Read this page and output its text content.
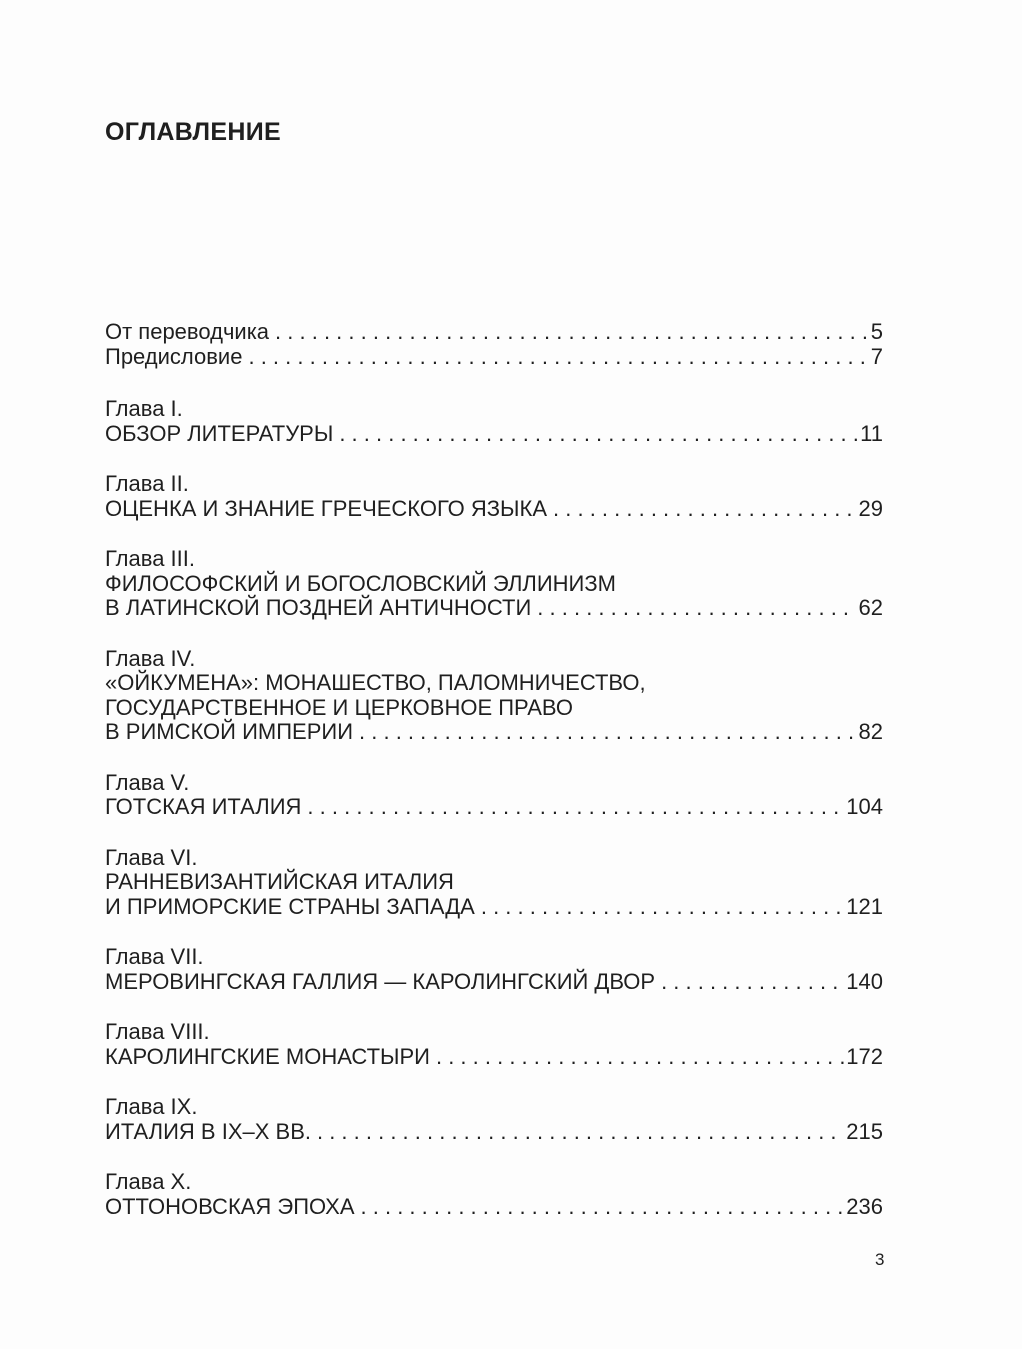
ОГЛАВЛЕНИЕ
От переводчика . . .	5
Предисловие . . .	7
Глава I.
ОБЗОР ЛИТЕРАТУРЫ . . .	11
Глава II.
ОЦЕНКА И ЗНАНИЕ ГРЕЧЕСКОГО ЯЗЫКА . . .	29
Глава III.
ФИЛОСОФСКИЙ И БОГОСЛОВСКИЙ ЭЛЛИНИЗМ
В ЛАТИНСКОЙ ПОЗДНЕЙ АНТИЧНОСТИ . . .	62
Глава IV.
«ОЙКУМЕНА»: МОНАШЕСТВО, ПАЛОМНИЧЕСТВО,
ГОСУДАРСТВЕННОЕ И ЦЕРКОВНОЕ ПРАВО
В РИМСКОЙ ИМПЕРИИ . . .	82
Глава V.
ГОТСКАЯ ИТАЛИЯ . . .	104
Глава VI.
РАННЕВИЗАНТИЙСКАЯ ИТАЛИЯ
И ПРИМОРСКИЕ СТРАНЫ ЗАПАДА . . .	121
Глава VII.
МЕРОВИНГСКАЯ ГАЛЛИЯ — КАРОЛИНГСКИЙ ДВОР . . .	140
Глава VIII.
КАРОЛИНГСКИЕ МОНАСТЫРИ . . .	172
Глава IX.
ИТАЛИЯ В IX–X ВВ. . . .	215
Глава X.
ОТТОНОВСКАЯ ЭПОХА . . .	236
3
